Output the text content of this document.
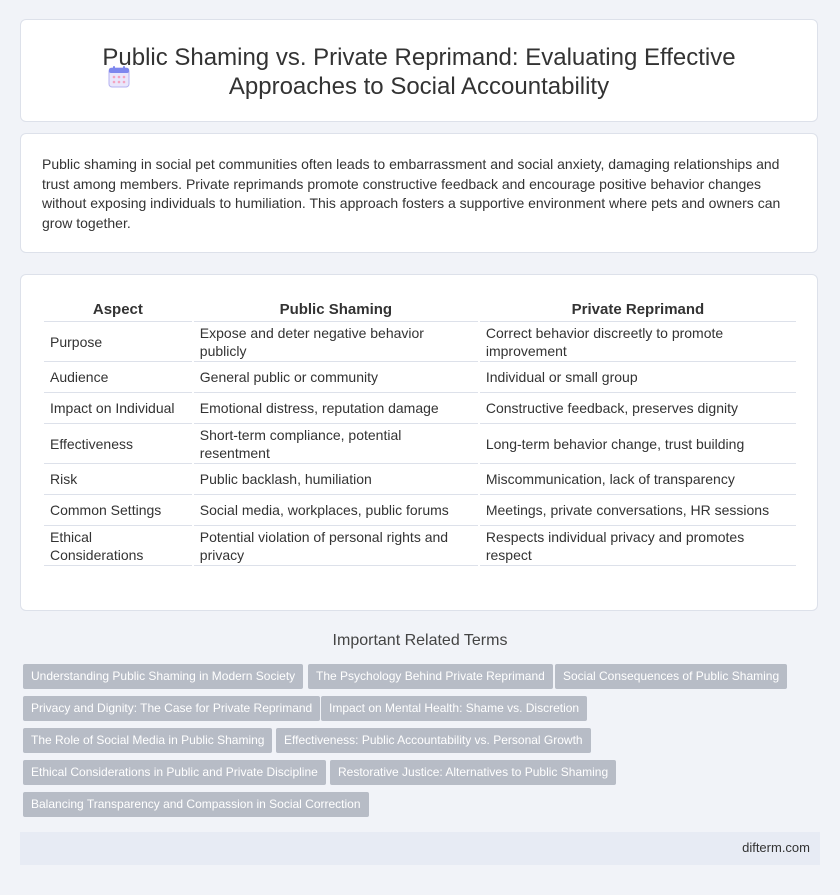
Public Shaming vs. Private Reprimand: Evaluating Effective
Approaches to Social Accountability

Public shaming in social pet communities often leads to embarrassment and social anxiety, damaging relationships and trust among members. Private reprimands promote constructive feedback and encourage positive behavior changes without exposing individuals to humiliation. This approach fosters a supportive environment where pets and owners can grow together.

Aspect	Public Shaming	Private Reprimand
Purpose	Expose and deter negative behavior publicly	Correct behavior discreetly to promote improvement
Audience	General public or community	Individual or small group
Impact on Individual	Emotional distress, reputation damage	Constructive feedback, preserves dignity
Effectiveness	Short-term compliance, potential resentment	Long-term behavior change, trust building
Risk	Public backlash, humiliation	Miscommunication, lack of transparency
Common Settings	Social media, workplaces, public forums	Meetings, private conversations, HR sessions
Ethical Considerations	Potential violation of personal rights and privacy	Respects individual privacy and promotes respect
Important Related Terms
Understanding Public Shaming in Modern Society	The Psychology Behind Private Reprimand	Social Consequences of Public Shaming
Privacy and Dignity: The Case for Private Reprimand	Impact on Mental Health: Shame vs. Discretion
The Role of Social Media in Public Shaming	Effectiveness: Public Accountability vs. Personal Growth
Ethical Considerations in Public and Private Discipline	Restorative Justice: Alternatives to Public Shaming
Balancing Transparency and Compassion in Social Correction
difterm.com
